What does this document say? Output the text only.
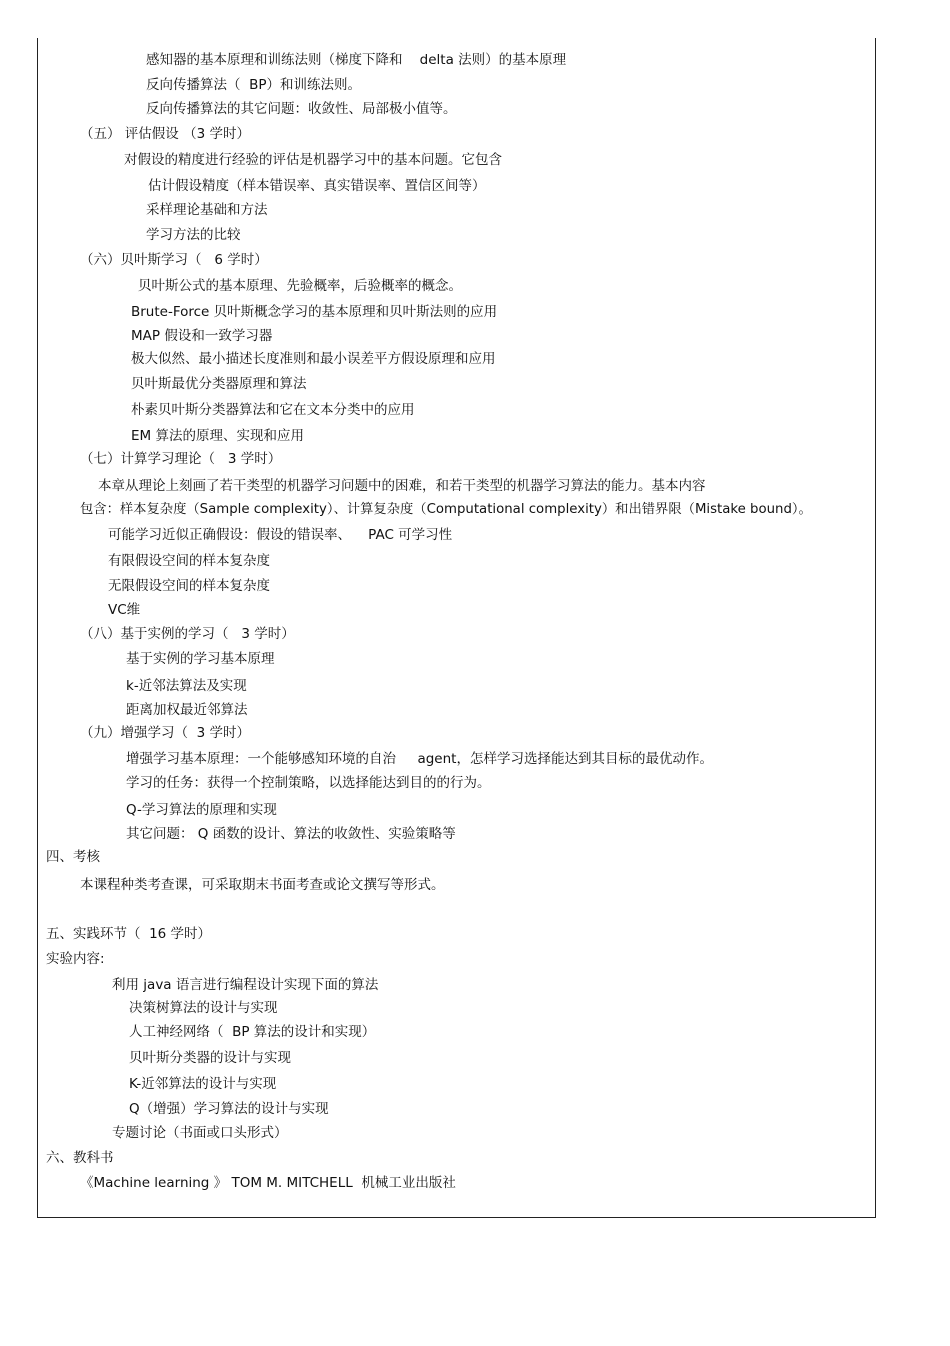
感知器的基本原理和训练法则（梯度下降和    delta 法则）的基本原理
反向传播算法（  BP）和训练法则。
反向传播算法的其它问题：收敛性、局部极小值等。
（五） 评估假设 （3 学时）
对假设的精度进行经验的评估是机器学习中的基本问题。它包含
估计假设精度（样本错误率、真实错误率、置信区间等）
采样理论基础和方法
学习方法的比较
（六）贝叶斯学习（   6 学时）
贝叶斯公式的基本原理、先验概率，后验概率的概念。
Brute-Force 贝叶斯概念学习的基本原理和贝叶斯法则的应用
MAP 假设和一致学习器
极大似然、最小描述长度准则和最小误差平方假设原理和应用
贝叶斯最优分类器原理和算法
朴素贝叶斯分类器算法和它在文本分类中的应用
EM 算法的原理、实现和应用
（七）计算学习理论（   3 学时）
本章从理论上刻画了若干类型的机器学习问题中的困难，和若干类型的机器学习算法的能力。基本内容
包含：样本复杂度（Sample complexity）、计算复杂度（Computational complexity）和出错界限（Mistake bound）。
可能学习近似正确假设：假设的错误率、    PAC 可学习性
有限假设空间的样本复杂度
无限假设空间的样本复杂度
VC维
（八）基于实例的学习（   3 学时）
基于实例的学习基本原理
k-近邻法算法及实现
距离加权最近邻算法
（九）增强学习（  3 学时）
增强学习基本原理：一个能够感知环境的自治     agent，怎样学习选择能达到其目标的最优动作。
学习的任务：获得一个控制策略，以选择能达到目的的行为。
Q-学习算法的原理和实现
其它问题： Q 函数的设计、算法的收敛性、实验策略等
四、考核
本课程种类考查课，可采取期末书面考查或论文撰写等形式。
五、实践环节（  16 学时）
实验内容:
利用 java 语言进行编程设计实现下面的算法
决策树算法的设计与实现
人工神经网络（  BP 算法的设计和实现）
贝叶斯分类器的设计与实现
K-近邻算法的设计与实现
Q（增强）学习算法的设计与实现
专题讨论（书面或口头形式）
六、教科书
《Machine learning 》 TOM M. MITCHELL  机械工业出版社
